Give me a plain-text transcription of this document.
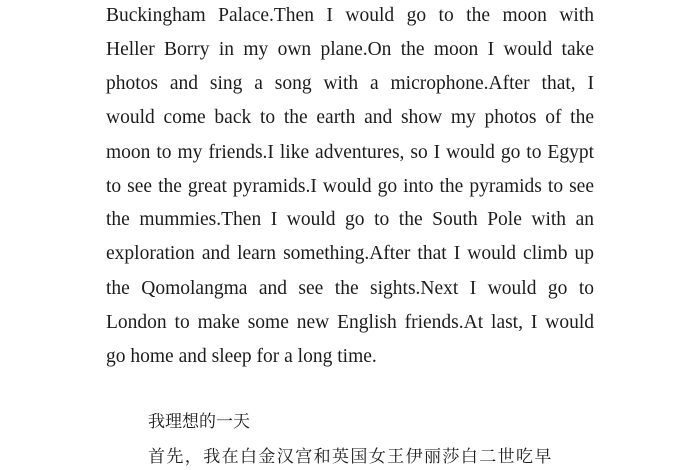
Buckingham Palace.Then I would go to the moon with
Heller Borry in my own plane.On the moon I would take
photos and sing a song with a microphone.After that, I
would come back to the earth and show my photos of the
moon to my friends.I like adventures, so I would go to Egypt
to see the great pyramids.I would go into the pyramids to see
the mummies.Then I would go to the South Pole with an
exploration and learn something.After that I would climb up
the Qomolangma and see the sights.Next I would go to
London to make some new English friends.At last, I would
go home and sleep for a long time.
我理想的一天
首先，我在白金汉宫和英国女王伊丽莎白二世吃早
